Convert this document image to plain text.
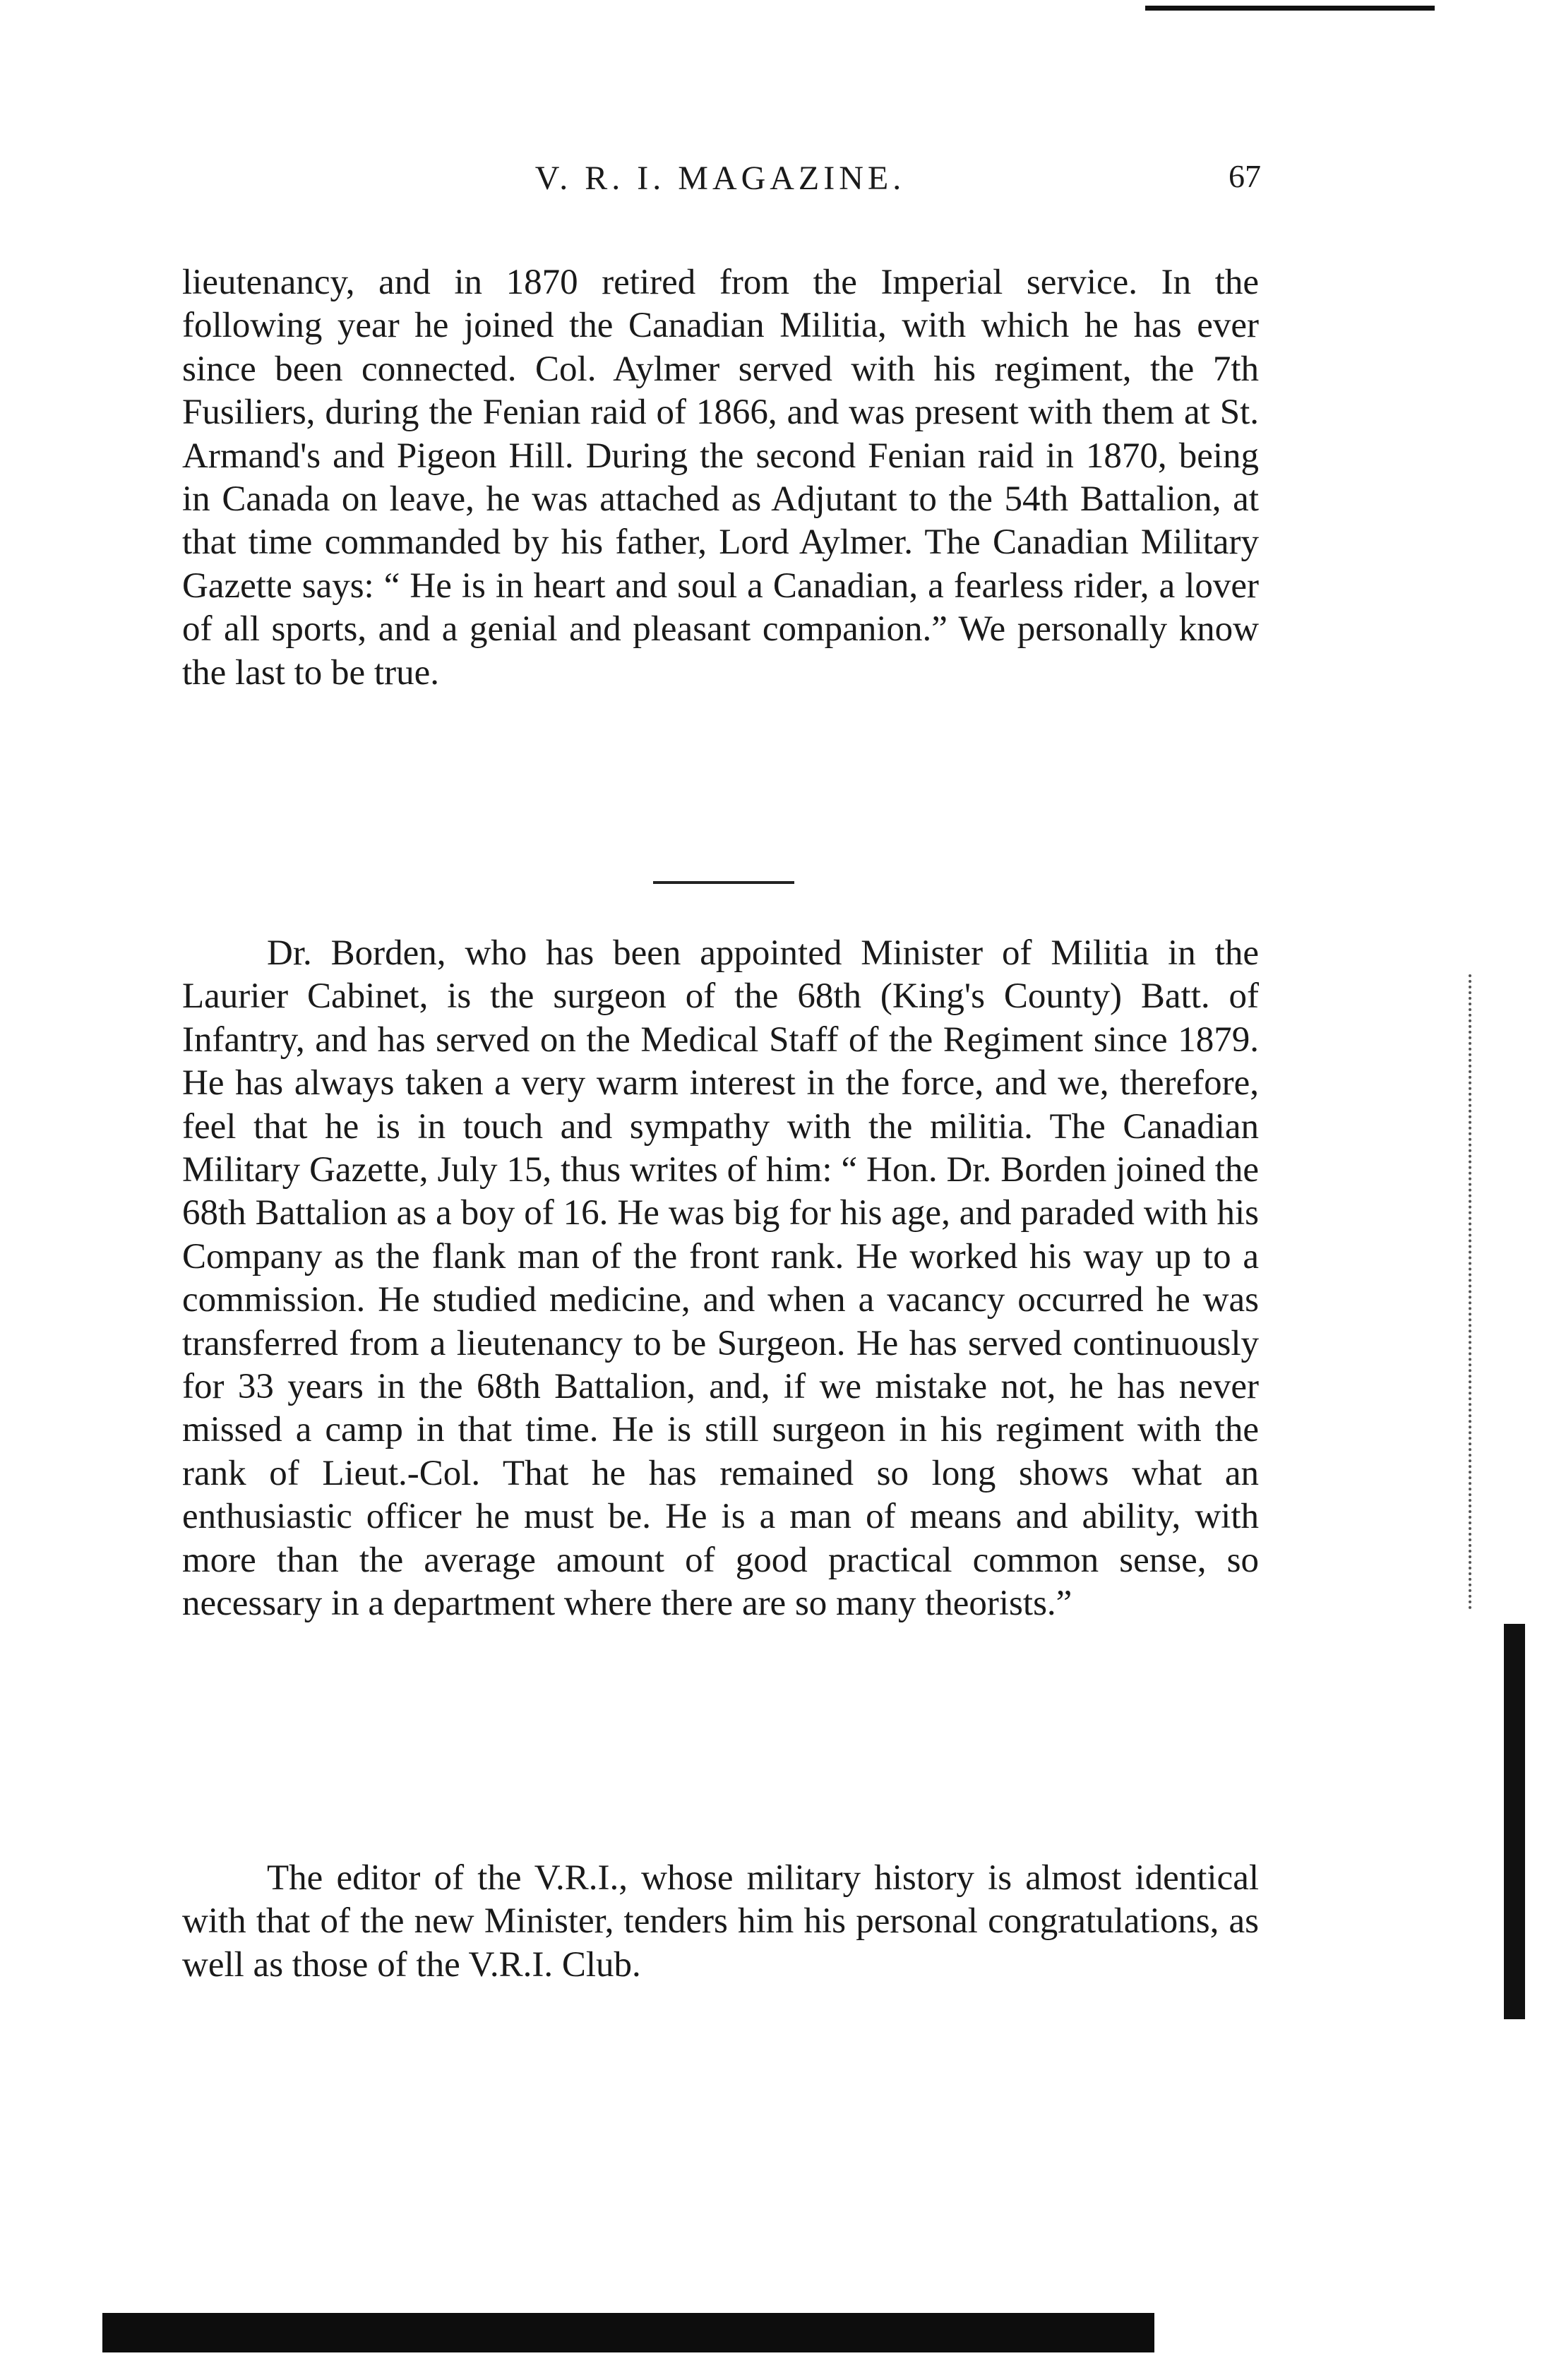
V. R. I. MAGAZINE.	67

lieutenancy, and in 1870 retired from the Imperial service. In the following year he joined the Canadian Militia, with which he has ever since been connected. Col. Aylmer served with his regiment, the 7th Fusiliers, during the Fenian raid of 1866, and was present with them at St. Armand's and Pigeon Hill. During the second Fenian raid in 1870, being in Canada on leave, he was attached as Adjutant to the 54th Battalion, at that time commanded by his father, Lord Aylmer. The Canadian Military Gazette says: “ He is in heart and soul a Canadian, a fearless rider, a lover of all sports, and a genial and pleasant companion.” We personally know the last to be true.

Dr. Borden, who has been appointed Minister of Militia in the Laurier Cabinet, is the surgeon of the 68th (King's County) Batt. of Infantry, and has served on the Medical Staff of the Regiment since 1879. He has always taken a very warm interest in the force, and we, therefore, feel that he is in touch and sympathy with the militia. The Canadian Military Gazette, July 15, thus writes of him: “ Hon. Dr. Borden joined the 68th Battalion as a boy of 16. He was big for his age, and paraded with his Company as the flank man of the front rank. He worked his way up to a commission. He studied medicine, and when a vacancy occurred he was transferred from a lieutenancy to be Surgeon. He has served continuously for 33 years in the 68th Battalion, and, if we mistake not, he has never missed a camp in that time. He is still surgeon in his regiment with the rank of Lieut.-Col. That he has remained so long shows what an enthusiastic officer he must be. He is a man of means and ability, with more than the average amount of good practical common sense, so necessary in a department where there are so many theorists.”

The editor of the V.R.I., whose military history is almost identical with that of the new Minister, tenders him his personal congratulations, as well as those of the V.R.I. Club.
